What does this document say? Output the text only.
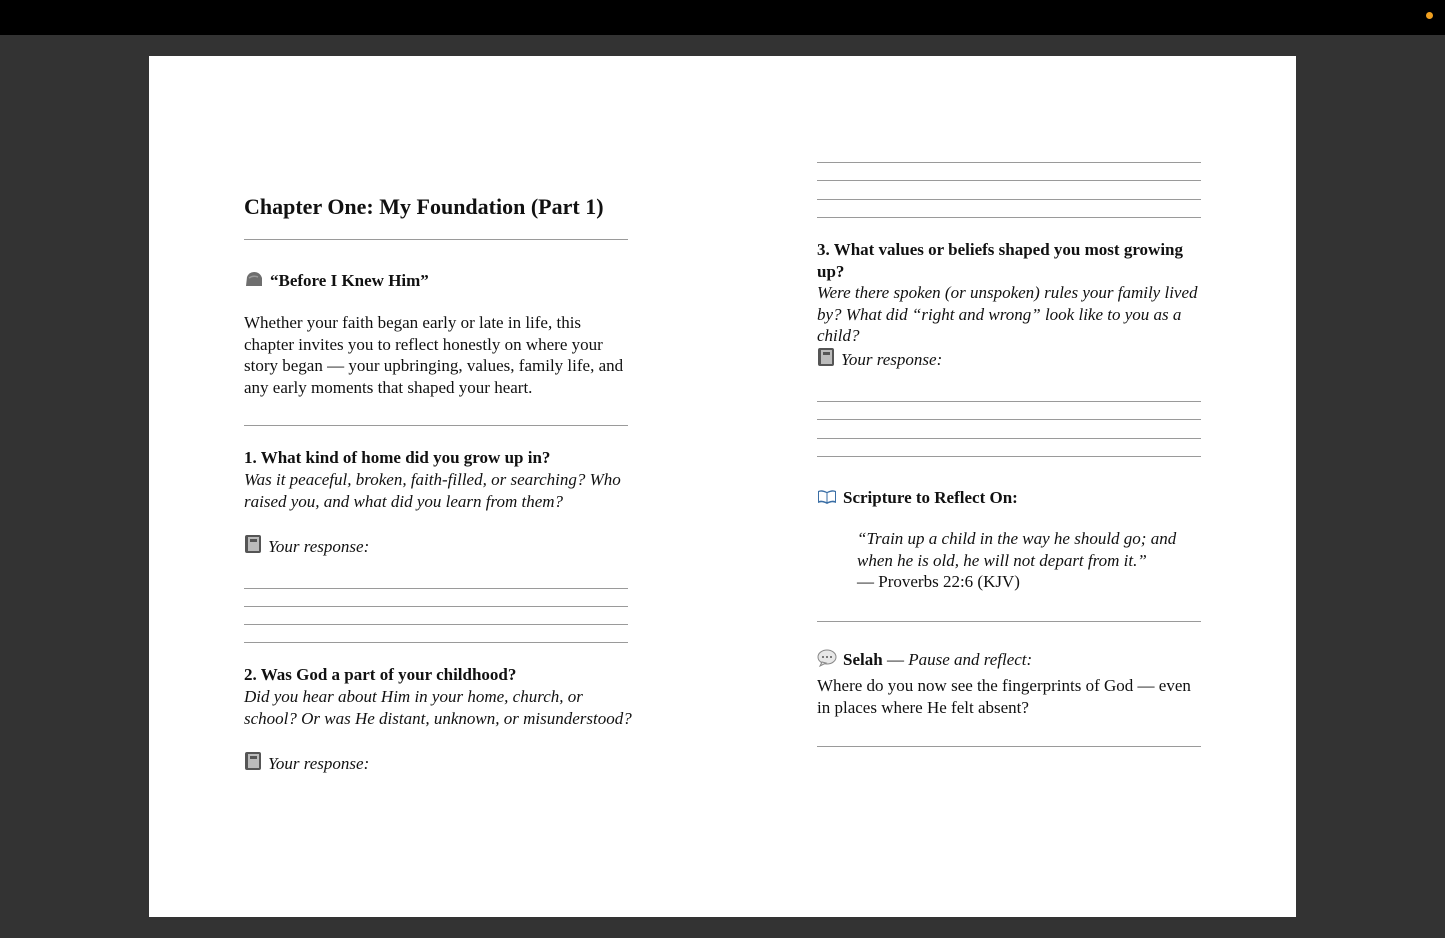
Chapter One: My Foundation (Part 1)
“Before I Knew Him”
Whether your faith began early or late in life, this chapter invites you to reflect honestly on where your story began — your upbringing, values, family life, and any early moments that shaped your heart.
1. What kind of home did you grow up in?
Was it peaceful, broken, faith-filled, or searching? Who raised you, and what did you learn from them?
Your response:
2. Was God a part of your childhood?
Did you hear about Him in your home, church, or school? Or was He distant, unknown, or misunderstood?
Your response:
3. What values or beliefs shaped you most growing up?
Were there spoken (or unspoken) rules your family lived by? What did “right and wrong” look like to you as a child?
Your response:
Scripture to Reflect On:
“Train up a child in the way he should go; and when he is old, he will not depart from it.”
— Proverbs 22:6 (KJV)
Selah — Pause and reflect:
Where do you now see the fingerprints of God — even in places where He felt absent?
